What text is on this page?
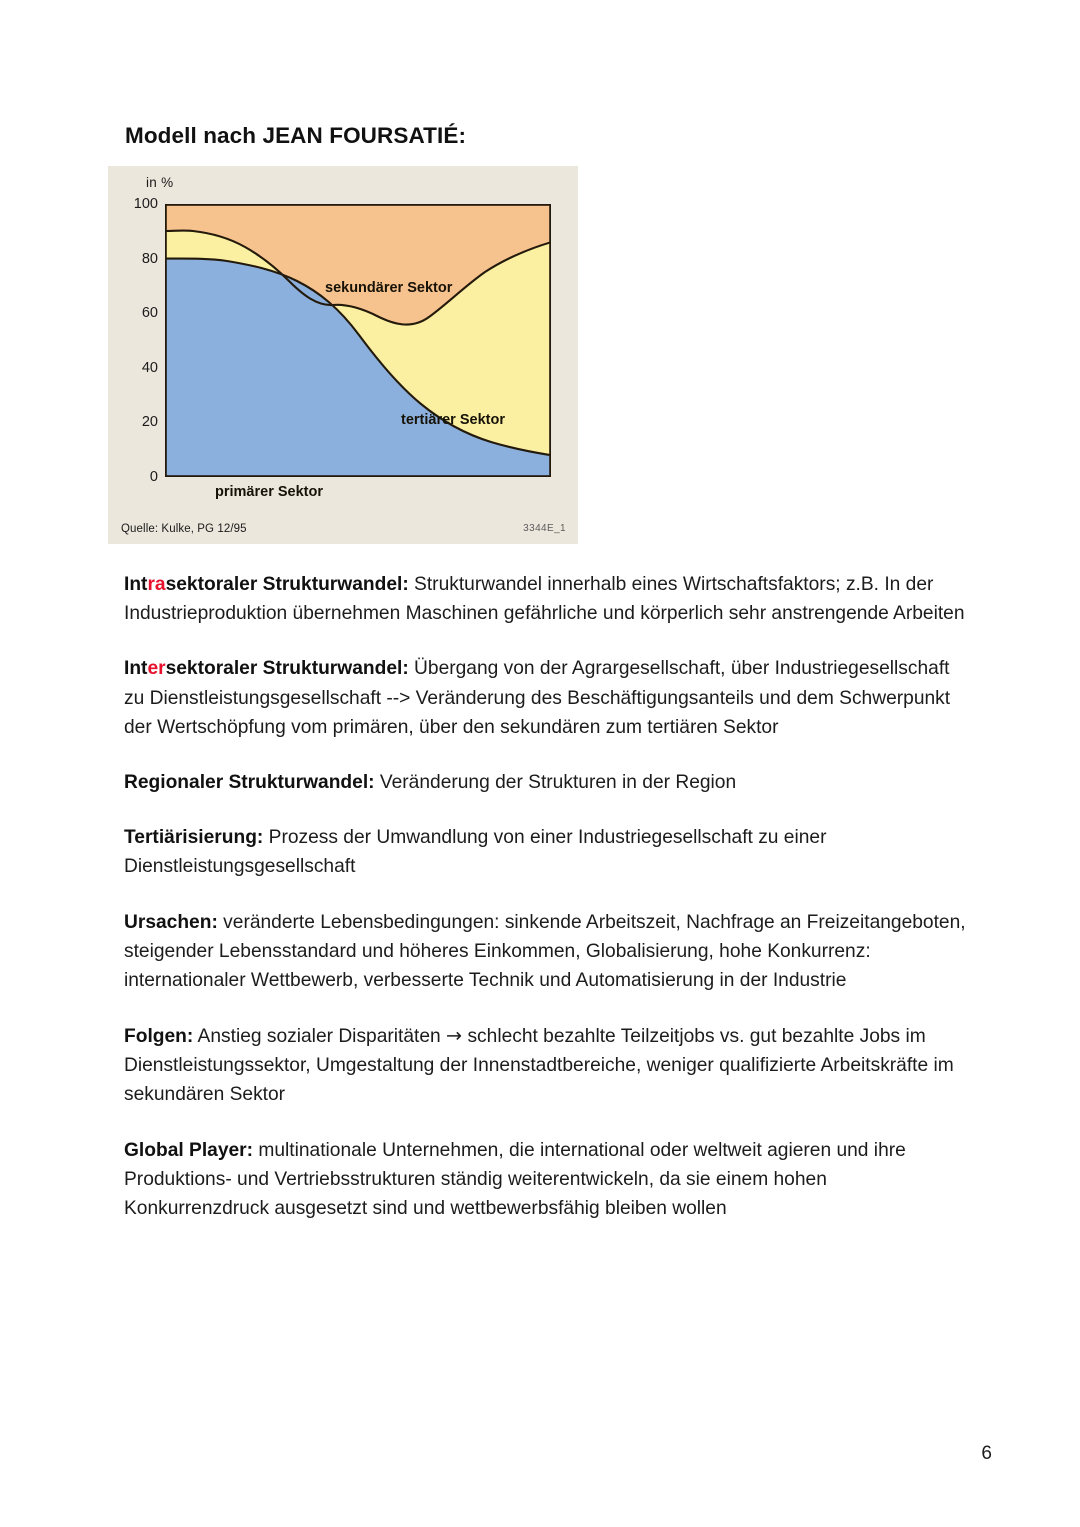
Modell nach JEAN FOURSATIÉ:
in %
100
80
60
40
20
0
sekundärer Sektor
tertiärer Sektor
primärer Sektor
Quelle: Kulke, PG 12/95	3344E_1

Intrasektoraler Strukturwandel: Strukturwandel innerhalb eines Wirtschaftsfaktors; z.B. In der Industrieproduktion übernehmen Maschinen gefährliche und körperlich sehr anstrengende Arbeiten

Intersektoraler Strukturwandel: Übergang von der Agrargesellschaft, über Industriegesellschaft zu Dienstleistungsgesellschaft --> Veränderung des Beschäftigungsanteils und dem Schwerpunkt der Wertschöpfung vom primären, über den sekundären zum tertiären Sektor

Regionaler Strukturwandel: Veränderung der Strukturen in der Region

Tertiärisierung: Prozess der Umwandlung von einer Industriegesellschaft zu einer Dienstleistungsgesellschaft

Ursachen: veränderte Lebensbedingungen: sinkende Arbeitszeit, Nachfrage an Freizeitangeboten, steigender Lebensstandard und höheres Einkommen, Globalisierung, hohe Konkurrenz: internationaler Wettbewerb, verbesserte Technik und Automatisierung in der Industrie

Folgen: Anstieg sozialer Disparitäten → schlecht bezahlte Teilzeitjobs vs. gut bezahlte Jobs im Dienstleistungssektor, Umgestaltung der Innenstadtbereiche, weniger qualifizierte Arbeitskräfte im sekundären Sektor

Global Player: multinationale Unternehmen, die international oder weltweit agieren und ihre Produktions- und Vertriebsstrukturen ständig weiterentwickeln, da sie einem hohen Konkurrenzdruck ausgesetzt sind und wettbewerbsfähig bleiben wollen

6
